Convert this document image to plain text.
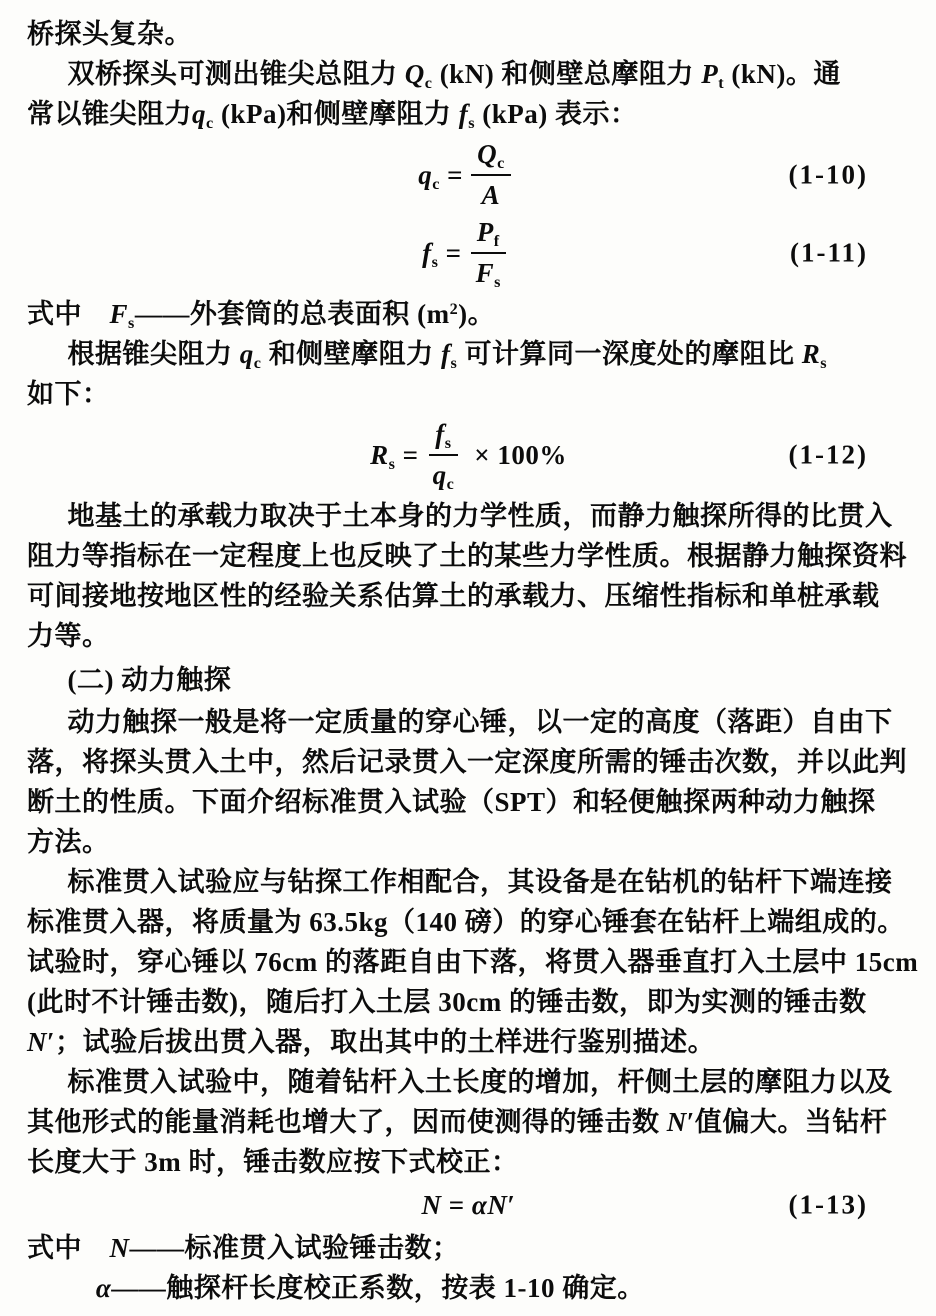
桥探头复杂。

双桥探头可测出锥尖总阻力 $Q_c$ (kN) 和侧壁总摩阻力 $P_t$ (kN)。通

常以锥尖阻力$q_c$ (kPa)和侧壁摩阻力 $f_s$ (kPa) 表示：

$q_c = \frac{Q_c}{A}$	(1-10)
$f_s = \frac{P_f}{F_s}$	(1-11)

式中　$F_s——$外套筒的总表面积 $(m^2)$。

根据锥尖阻力 $q_c$ 和侧壁摩阻力 $f_s$ 可计算同一深度处的摩阻比 $R_s$

如下：

$R_s = \frac{f_s}{q_c} \times 100\%$	(1-12)

地基土的承载力取决于土本身的力学性质，而静力触探所得的比贯入

阻力等指标在一定程度上也反映了土的某些力学性质。根据静力触探资料

可间接地按地区性的经验关系估算土的承载力、压缩性指标和单桩承载

力等。

(二) 动力触探

动力触探一般是将一定质量的穿心锤，以一定的高度（落距）自由下

落，将探头贯入土中，然后记录贯入一定深度所需的锤击次数，并以此判

断土的性质。下面介绍标准贯入试验（SPT）和轻便触探两种动力触探

方法。

标准贯入试验应与钻探工作相配合，其设备是在钻机的钻杆下端连接

标准贯入器，将质量为 63.5kg（140 磅）的穿心锤套在钻杆上端组成的。

试验时，穿心锤以 76cm 的落距自由下落，将贯入器垂直打入土层中 15cm

(此时不计锤击数)，随后打入土层 30cm 的锤击数，即为实测的锤击数

N′；试验后拔出贯入器，取出其中的土样进行鉴别描述。

标准贯入试验中，随着钻杆入土长度的增加，杆侧土层的摩阻力以及

其他形式的能量消耗也增大了，因而使测得的锤击数 N′值偏大。当钻杆

长度大于 3m 时，锤击数应按下式校正：

N = αN′	(1-13)

式中　N——标准贯入试验锤击数；

α——触探杆长度校正系数，按表 1-10 确定。
